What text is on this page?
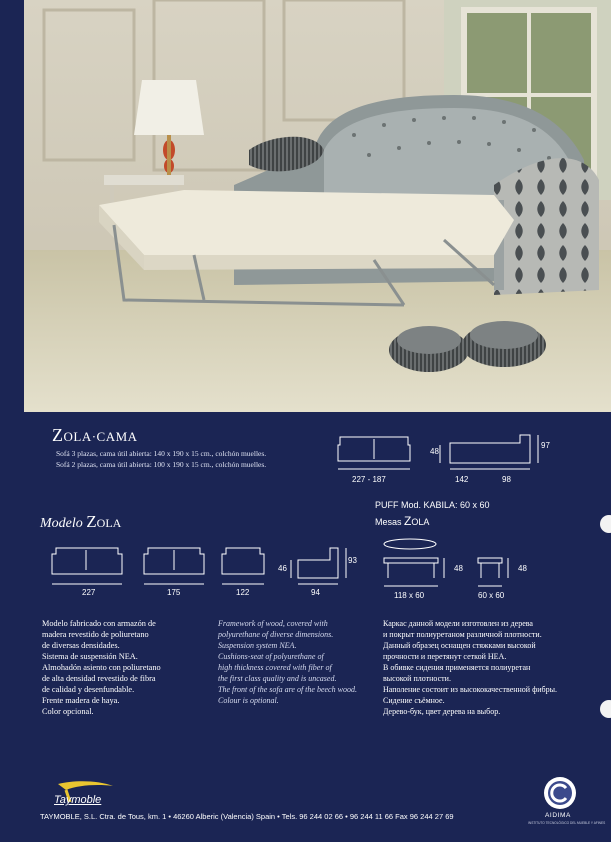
ZOLA·CAMA
Sofá 3 plazas, cama útil abierta: 140 x 190 x 15 cm., colchón muelles.
Sofá 2 plazas, cama útil abierta: 100 x 190 x 15 cm., colchón muelles.
227 - 187
48
142	98
97
Modelo ZOLA
227	175	122	94
46
93
PUFF Mod. KABILA: 60 x 60
Mesas ZOLA
118 x 60
48
60 x 60
48

Modelo fabricado con armazón de

madera revestido de poliuretano

de diversas densidades.

Sistema de suspensión NEA.

Almohadón asiento con poliuretano

de alta densidad revestido de fibra

de calidad y desenfundable.

Frente madera de haya.

Color opcional.

Framework of wood, covered with

polyurethane of diverse dimensions.

Suspension system NEA.

Cushions-seat of polyurethane of

high thickness covered with fiber of

the first class quality and is uncased.

The front of the sofa are of the beech wood.

Colour is optional.

Каркас данной модели изготовлен из дерева

и покрыт полиуретаном различной плотности.

Данный образец оснащен стяжками высокой

прочности и перетянут сеткой НЕА.

В обивке сидения применяется полиуретан

высокой плотности.

Наполение состоит из высококачественной фибры.

Сидение съёмное.

Дерево-бук, цвет дерева на выбор.

Taymoble
TAYMOBLE, S.L. Ctra. de Tous, km. 1 • 46260 Alberic (Valencia) Spain • Tels. 96 244 02 66 • 96 244 11 66 Fax 96 244 27 69	AIDIMA
INSTITUTO TECNOLÓGICO DEL MUEBLE Y AFINES
